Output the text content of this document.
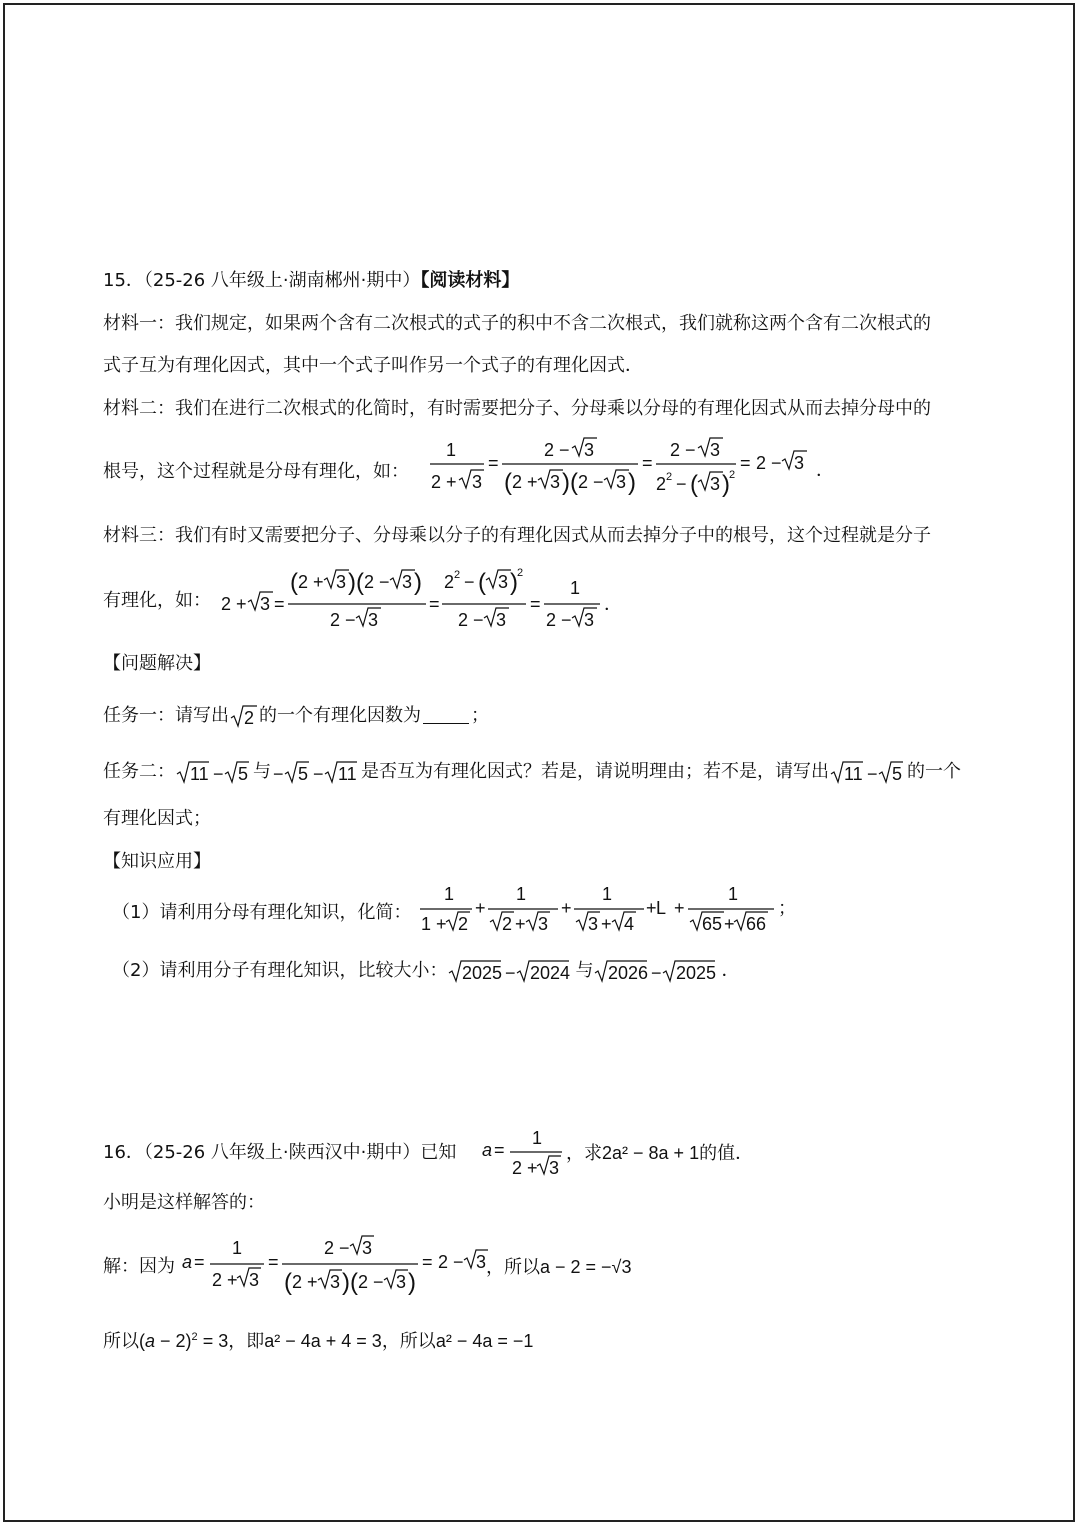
15．（25-26 八年级上·湖南郴州·期中）【阅读材料】
材料一：我们规定，如果两个含有二次根式的式子的积中不含二次根式，我们就称这两个含有二次根式的
式子互为有理化因式，其中一个式子叫作另一个式子的有理化因式．
材料二：我们在进行二次根式的化简时，有时需要把分子、分母乘以分母的有理化因式从而去掉分母中的
根号，这个过程就是分母有理化，如：
1
2 + 3
=
2 − 3
( 2 + 3 )( 2 − 3 )
=
2 − 3
2 2 − ( 3 ) 2
= 2 − 3 ．
材料三：我们有时又需要把分子、分母乘以分子的有理化因式从而去掉分子中的根号，这个过程就是分子
有理化，如： 2 + 3 =
( 2 + 3 )( 2 − 3 )
2 − 3
=
2 2 − ( 3 ) 2
2 − 3
=
1
2 − 3
．
【问题解决】
任务一：请写出 2 的一个有理化因数为	；
任务二： 11 − 5 与 − 5 − 11 是否互为有理化因式？若是，请说明理由；若不是，请写出 11 − 5 的一个
有理化因式；
【知识应用】
（1）请利用分母有理化知识，化简：
1
1 + 2
+
1
2 + 3
+
1
3 + 4
+ L +
1
65 + 66
；
（2）请利用分子有理化知识，比较大小： 2025 − 2024 与 2026 − 2025 ．
16．（25-26 八年级上·陕西汉中·期中）已知 a =
1
2 + 3
，求2a² − 8a + 1的值．
小明是这样解答的：
解：因为 a =
1
2 + 3
=
2 − 3
( 2 + 3 )( 2 − 3 )
= 2 − 3 ，所以a − 2 = −√3
所以$(a - 2)^2 = 3$，即a² − 4a + 4 = 3，所以a² − 4a = −1
